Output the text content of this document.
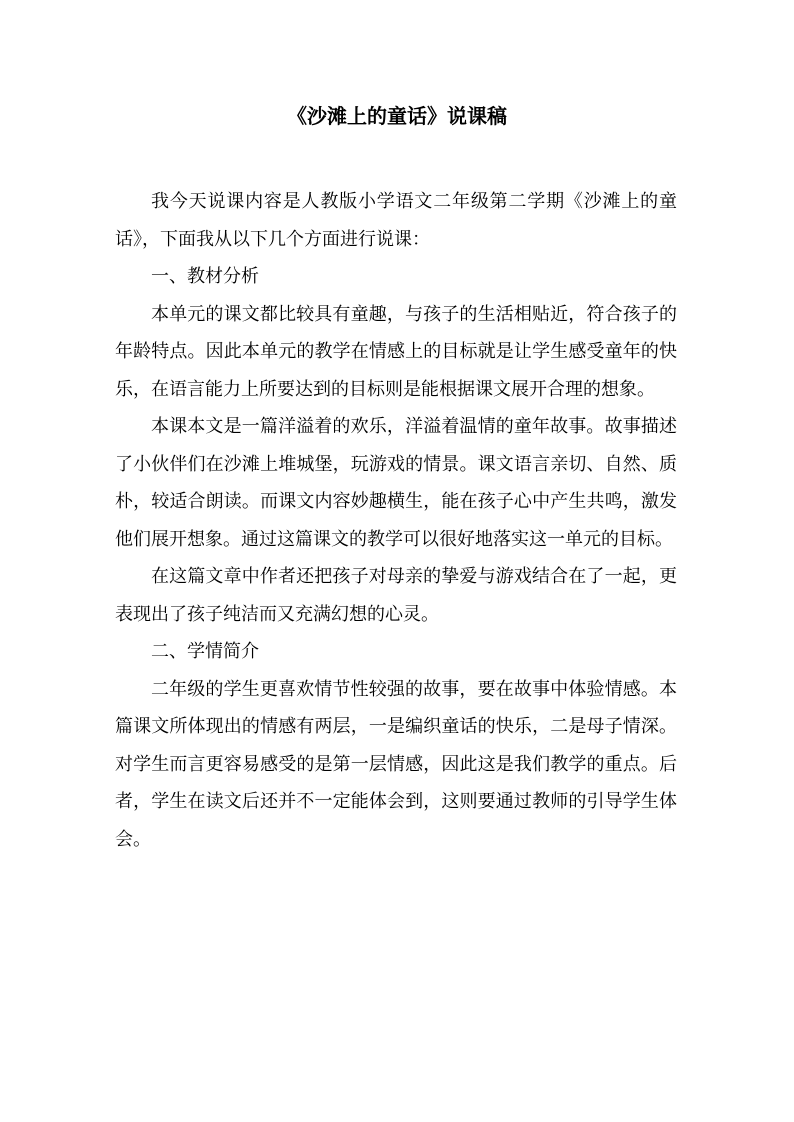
《沙滩上的童话》说课稿

我今天说课内容是人教版小学语文二年级第二学期《沙滩上的童话》，下面我从以下几个方面进行说课：

一、教材分析

本单元的课文都比较具有童趣，与孩子的生活相贴近，符合孩子的年龄特点。因此本单元的教学在情感上的目标就是让学生感受童年的快乐，在语言能力上所要达到的目标则是能根据课文展开合理的想象。

本课本文是一篇洋溢着的欢乐，洋溢着温情的童年故事。故事描述了小伙伴们在沙滩上堆城堡，玩游戏的情景。课文语言亲切、自然、质朴，较适合朗读。而课文内容妙趣横生，能在孩子心中产生共鸣，激发他们展开想象。通过这篇课文的教学可以很好地落实这一单元的目标。

在这篇文章中作者还把孩子对母亲的挚爱与游戏结合在了一起，更表现出了孩子纯洁而又充满幻想的心灵。

二、学情简介

二年级的学生更喜欢情节性较强的故事，要在故事中体验情感。本篇课文所体现出的情感有两层，一是编织童话的快乐，二是母子情深。对学生而言更容易感受的是第一层情感，因此这是我们教学的重点。后者，学生在读文后还并不一定能体会到，这则要通过教师的引导学生体会。
